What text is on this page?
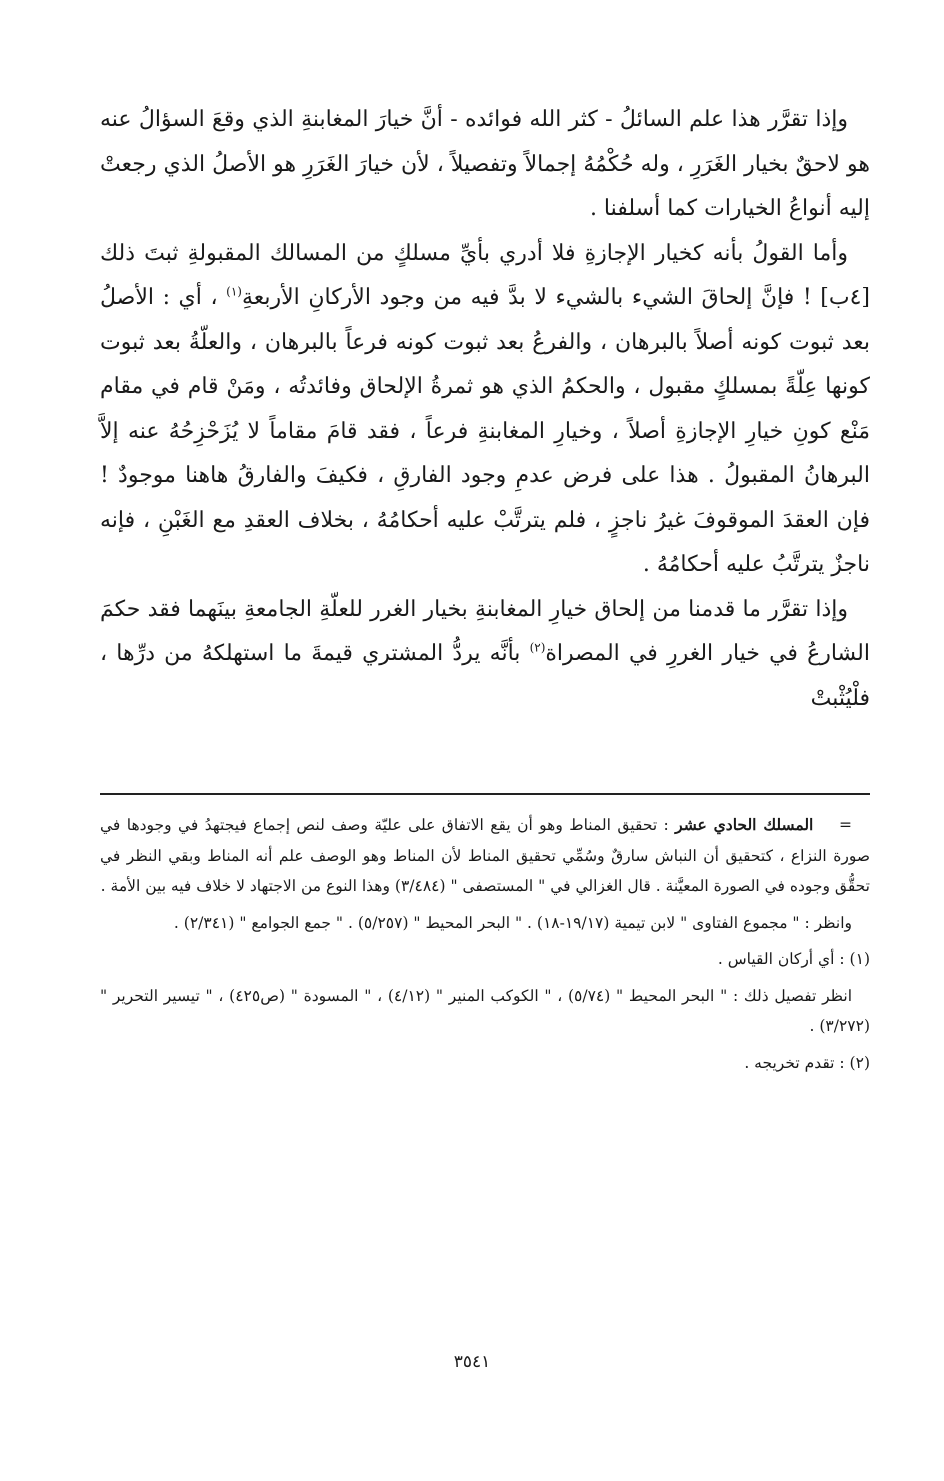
وإذا تقرَّر هذا علم السائلُ - كثر الله فوائده - أنَّ خيارَ المغابنةِ الذي وقعَ السؤالُ عنه هو لاحقٌ بخيار الغَرَرِ ، وله حُكْمُهُ إجمالاً وتفصيلاً ، لأن خيارَ الغَرَرِ هو الأصلُ الذي رجعتْ إليه أنواعُ الخيارات كما أسلفنا .

وأما القولُ بأنه كخيار الإجازةِ فلا أدري بأيِّ مسلكٍ من المسالك المقبولةِ ثبتَ ذلك [٤ب] ! فإنَّ إلحاقَ الشيء بالشيء لا بدَّ فيه من وجود الأركانِ الأربعةِ$^{(١)}$ ، أي : الأصلُ بعد ثبوت كونه أصلاً بالبرهان ، والفرعُ بعد ثبوت كونه فرعاً بالبرهان ، والعلّةُ بعد ثبوت كونها عِلّةً بمسلكٍ مقبول ، والحكمُ الذي هو ثمرةُ الإلحاق وفائدتُه ، ومَنْ قام في مقام مَنْع كونِ خيارِ الإجازةِ أصلاً ، وخيارِ المغابنةِ فرعاً ، فقد قامَ مقاماً لا يُزَحْزِحُهُ عنه إلاَّ البرهانُ المقبولُ . هذا على فرض عدمِ وجود الفارقِ ، فكيفَ والفارقُ هاهنا موجودٌ ! فإن العقدَ الموقوفَ غيرُ ناجزٍ ، فلم يترتَّبْ عليه أحكامُهُ ، بخلاف العقدِ مع الغَبْنِ ، فإنه ناجزٌ يترتَّبُ عليه أحكامُهُ .

وإذا تقرَّر ما قدمنا من إلحاق خيارِ المغابنةِ بخيار الغرر للعلّةِ الجامعةِ بينَهما فقد حكمَ الشارعُ في خيار الغررِ في المصراة$^{(٢)}$ بأنَّه يردُّ المشتري قيمةَ ما استهلكهُ من درِّها ، فلْيُثْبتْ

=    المسلك الحادي عشر : تحقيق المناط وهو أن يقع الاتفاق على عليّة وصف لنص إجماع فيجتهدُ في وجودها في صورة النزاع ، كتحقيق أن النباش سارقٌ وسُمِّي تحقيق المناط لأن المناط وهو الوصف علم أنه المناط وبقي النظر في تحقُّق وجوده في الصورة المعيَّنة . قال الغزالي في " المستصفى " (٣/٤٨٤) وهذا النوع من الاجتهاد لا خلاف فيه بين الأمة .

وانظر : " مجموع الفتاوى " لابن تيمية (١٩/١٧-١٨) . " البحر المحيط " (٥/٢٥٧) . " جمع الجوامع " (٢/٣٤١) .

(١) : أي أركان القياس .

انظر تفصيل ذلك : " البحر المحيط " (٥/٧٤) ، " الكوكب المنير " (٤/١٢) ، " المسودة " (ص٤٢٥) ، " تيسير التحرير " (٣/٢٧٢) .

(٢) : تقدم تخريجه .

٣٥٤١
